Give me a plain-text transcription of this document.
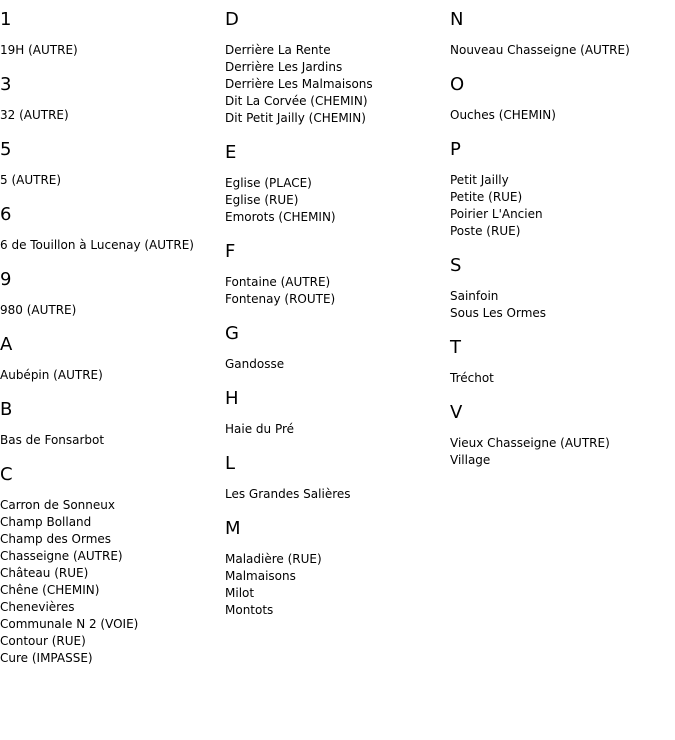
1
19H (AUTRE)
3
32 (AUTRE)
5
5 (AUTRE)
6
6 de Touillon à Lucenay (AUTRE)
9
980 (AUTRE)
A
Aubépin (AUTRE)
B
Bas de Fonsarbot
C
Carron de Sonneux
Champ Bolland
Champ des Ormes
Chasseigne (AUTRE)
Château (RUE)
Chêne (CHEMIN)
Chenevières
Communale N 2 (VOIE)
Contour (RUE)
Cure (IMPASSE)
D
Derrière La Rente
Derrière Les Jardins
Derrière Les Malmaisons
Dit La Corvée (CHEMIN)
Dit Petit Jailly (CHEMIN)
E
Eglise (PLACE)
Eglise (RUE)
Emorots (CHEMIN)
F
Fontaine (AUTRE)
Fontenay (ROUTE)
G
Gandosse
H
Haie du Pré
L
Les Grandes Salières
M
Maladière (RUE)
Malmaisons
Milot
Montots
N
Nouveau Chasseigne (AUTRE)
O
Ouches (CHEMIN)
P
Petit Jailly
Petite (RUE)
Poirier L'Ancien
Poste (RUE)
S
Sainfoin
Sous Les Ormes
T
Tréchot
V
Vieux Chasseigne (AUTRE)
Village
